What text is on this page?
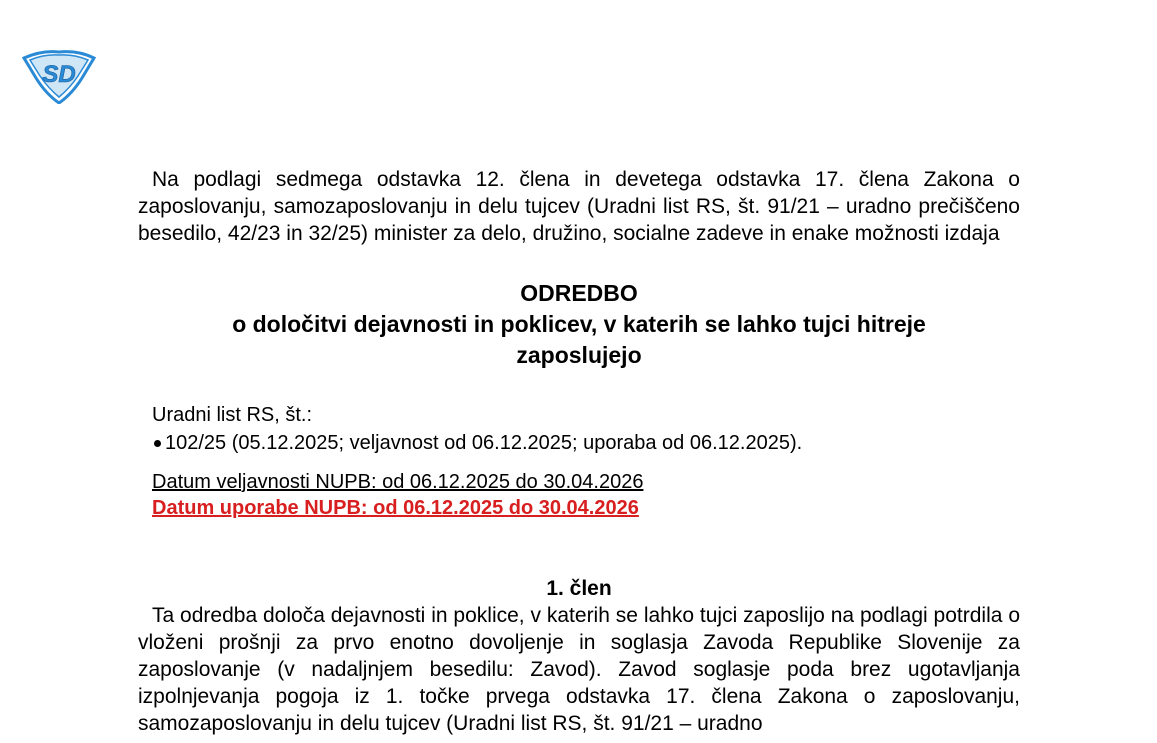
SD

Na podlagi sedmega odstavka 12. člena in devetega odstavka 17. člena Zakona o zaposlovanju, samozaposlovanju in delu tujcev (Uradni list RS, št. 91/21 – uradno prečiščeno besedilo, 42/23 in 32/25) minister za delo, družino, socialne zadeve in enake možnosti izdaja

ODREDBO
o določitvi dejavnosti in poklicev, v katerih se lahko tujci hitreje
zaposlujejo
Uradni list RS, št.:
102/25 (05.12.2025; veljavnost od 06.12.2025; uporaba od 06.12.2025).
Datum veljavnosti NUPB: od 06.12.2025 do 30.04.2026
Datum uporabe NUPB: od 06.12.2025 do 30.04.2026
1. člen

Ta odredba določa dejavnosti in poklice, v katerih se lahko tujci zaposlijo na podlagi potrdila o vloženi prošnji za prvo enotno dovoljenje in soglasja Zavoda Republike Slovenije za zaposlovanje (v nadaljnjem besedilu: Zavod). Zavod soglasje poda brez ugotavljanja izpolnjevanja pogoja iz 1. točke prvega odstavka 17. člena Zakona o zaposlovanju, samozaposlovanju in delu tujcev (Uradni list RS, št. 91/21 – uradno
